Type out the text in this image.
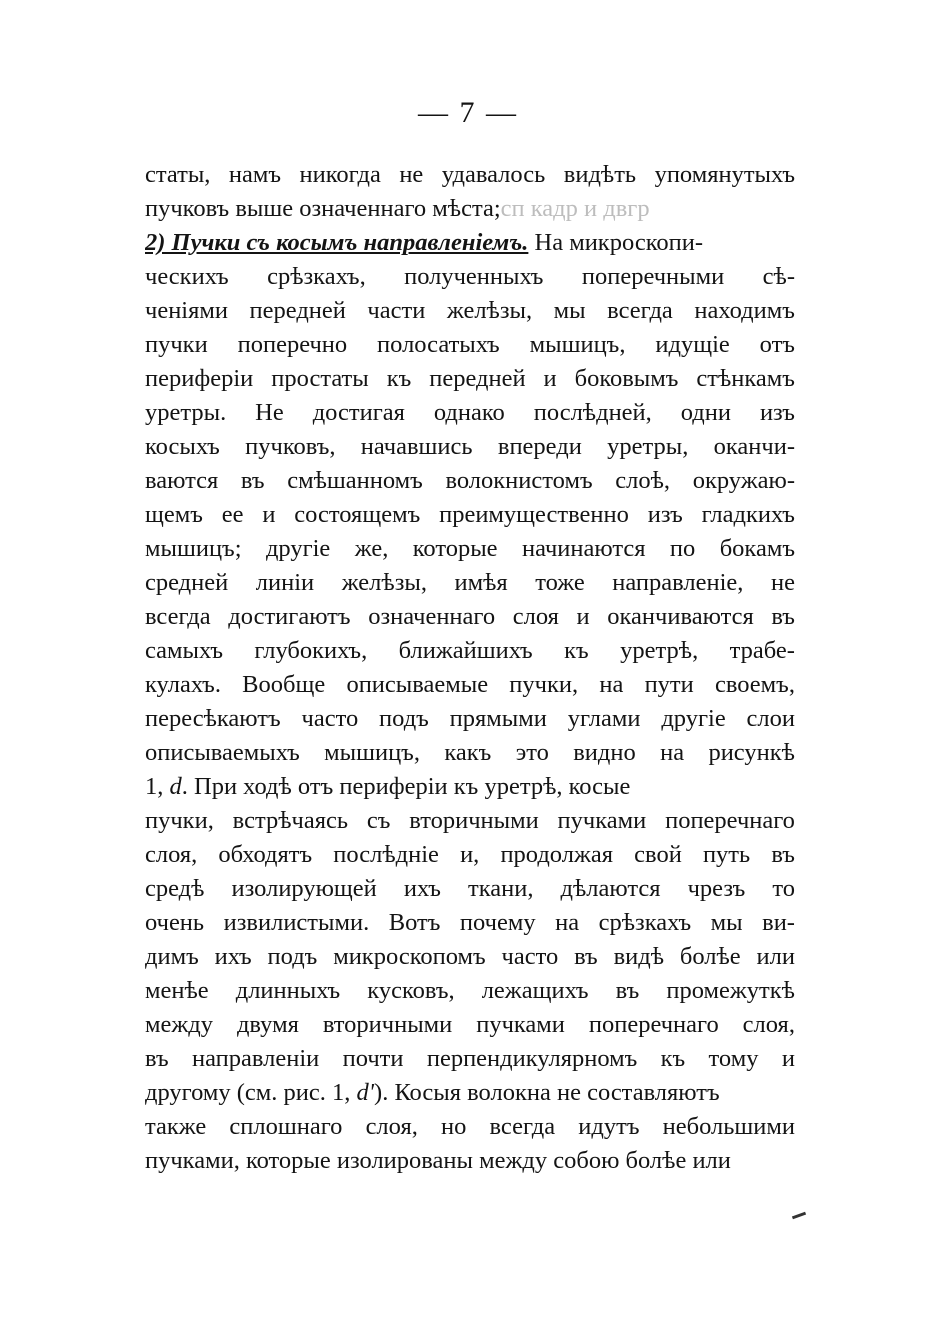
— 7 —
статы, намъ никогда не удавалось видѣть упомянутыхъ
пучковъ выше означеннаго мѣста;сп кадр и двгр
2) Пучки съ косымъ направленіемъ. На микроскопи-
ческихъ срѣзкахъ, полученныхъ поперечными сѣ-
ченіями передней части желѣзы, мы всегда находимъ
пучки поперечно полосатыхъ мышицъ, идущіе отъ
периферіи простаты къ передней и боковымъ стѣнкамъ
уретры. Не достигая однако послѣдней, одни изъ
косыхъ пучковъ, начавшись впереди уретры, оканчи-
ваются въ смѣшанномъ волокнистомъ слоѣ, окружаю-
щемъ ее и состоящемъ преимущественно изъ гладкихъ
мышицъ; другіе же, которые начинаются по бокамъ
средней линіи желѣзы, имѣя тоже направленіе, не
всегда достигаютъ означеннаго слоя и оканчиваются въ
самыхъ глубокихъ, ближайшихъ къ уретрѣ, трабе-
кулахъ. Вообще описываемые пучки, на пути своемъ,
пересѣкаютъ часто подъ прямыми углами другіе слои
описываемыхъ мышицъ, какъ это видно на рисункѣ
1, d. При ходѣ отъ периферіи къ уретрѣ, косые
пучки, встрѣчаясь съ вторичными пучками поперечнаго
слоя, обходятъ послѣдніе и, продолжая свой путь въ
средѣ изолирующей ихъ ткани, дѣлаются чрезъ то
очень извилистыми. Вотъ почему на срѣзкахъ мы ви-
димъ ихъ подъ микроскопомъ часто въ видѣ болѣе или
менѣе длинныхъ кусковъ, лежащихъ въ промежуткѣ
между двумя вторичными пучками поперечнаго слоя,
въ направленіи почти перпендикулярномъ къ тому и
другому (см. рис. 1, d'). Косыя волокна не составляютъ
также сплошнаго слоя, но всегда идутъ небольшими
пучками, которые изолированы между собою болѣе или
